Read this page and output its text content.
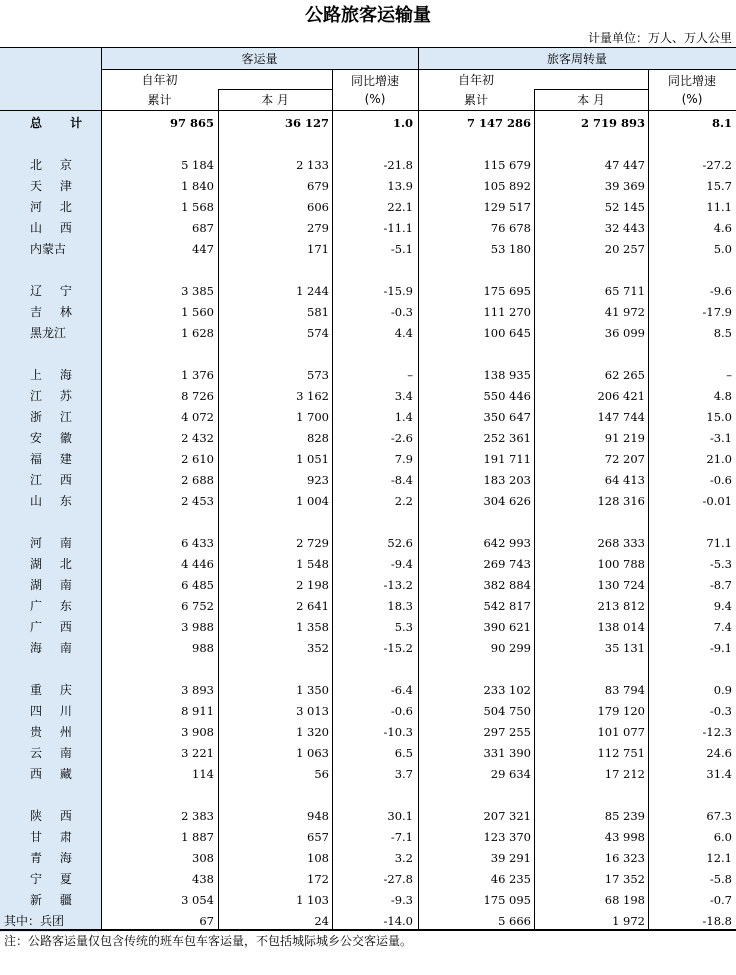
公路旅客运输量
计量单位：万人、万人公里
客运量	旅客周转量
自年初
累计	本 月
同比增速
(%)
自年初
累计	本 月
同比增速
(%)
总 计	97 865	36 127	1.0	7 147 286	2 719 893	8.1
北 京	5 184	2 133	-21.8	115 679	47 447	-27.2
天 津	1 840	679	13.9	105 892	39 369	15.7
河 北	1 568	606	22.1	129 517	52 145	11.1
山 西	687	279	-11.1	76 678	32 443	4.6
内蒙古	447	171	-5.1	53 180	20 257	5.0
辽 宁	3 385	1 244	-15.9	175 695	65 711	-9.6
吉 林	1 560	581	-0.3	111 270	41 972	-17.9
黑龙江	1 628	574	4.4	100 645	36 099	8.5
上 海	1 376	573	–	138 935	62 265	–
江 苏	8 726	3 162	3.4	550 446	206 421	4.8
浙 江	4 072	1 700	1.4	350 647	147 744	15.0
安 徽	2 432	828	-2.6	252 361	91 219	-3.1
福 建	2 610	1 051	7.9	191 711	72 207	21.0
江 西	2 688	923	-8.4	183 203	64 413	-0.6
山 东	2 453	1 004	2.2	304 626	128 316	-0.01
河 南	6 433	2 729	52.6	642 993	268 333	71.1
湖 北	4 446	1 548	-9.4	269 743	100 788	-5.3
湖 南	6 485	2 198	-13.2	382 884	130 724	-8.7
广 东	6 752	2 641	18.3	542 817	213 812	9.4
广 西	3 988	1 358	5.3	390 621	138 014	7.4
海 南	988	352	-15.2	90 299	35 131	-9.1
重 庆	3 893	1 350	-6.4	233 102	83 794	0.9
四 川	8 911	3 013	-0.6	504 750	179 120	-0.3
贵 州	3 908	1 320	-10.3	297 255	101 077	-12.3
云 南	3 221	1 063	6.5	331 390	112 751	24.6
西 藏	114	56	3.7	29 634	17 212	31.4
陕 西	2 383	948	30.1	207 321	85 239	67.3
甘 肃	1 887	657	-7.1	123 370	43 998	6.0
青 海	308	108	3.2	39 291	16 323	12.1
宁 夏	438	172	-27.8	46 235	17 352	-5.8
新 疆	3 054	1 103	-9.3	175 095	68 198	-0.7
其中：兵团	67	24	-14.0	5 666	1 972	-18.8
注：公路客运量仅包含传统的班车包车客运量，不包括城际城乡公交客运量。
